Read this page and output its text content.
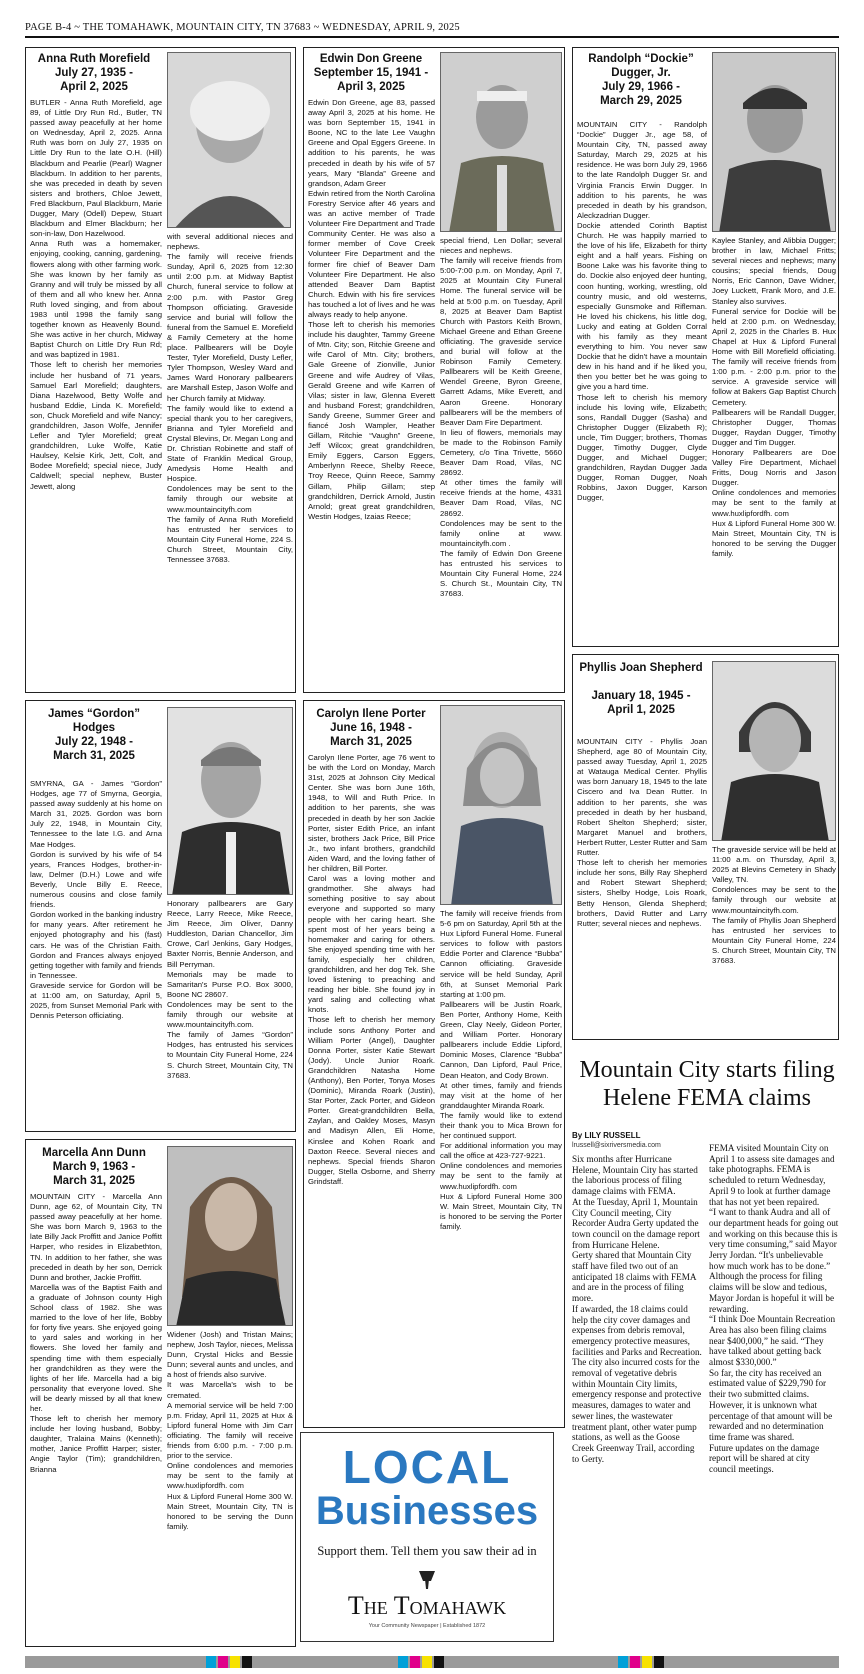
PAGE B-4 ~ THE TOMAHAWK, MOUNTAIN CITY, TN 37683 ~ WEDNESDAY, APRIL 9, 2025
Anna Ruth Morefield
July 27, 1935 -
April 2, 2025
BUTLER - Anna Ruth Morefield, age 89, of Little Dry Run Rd., Butler, TN passed away peacefully at her home on Wednesday, April 2, 2025. Anna Ruth was born on July 27, 1935 on Little Dry Run to the late O.H. (Hill) Blackburn and Pearlie (Pearl) Wagner Blackburn. In addition to her parents, she was preceded in death by seven sisters and brothers, Chloe Jewett, Fred Blackburn, Paul Blackburn, Marie Dugger, Mary (Odell) Depew, Stuart Blackburn and Elmer Blackburn; her son-in-law, Don Hazelwood.
Anna Ruth was a homemaker, enjoying, cooking, canning, gardening, flowers along with other farming work. She was known by her family as Granny and will truly be missed by all of them and all who knew her. Anna Ruth loved singing, and from about 1983 until 1998 the family sang together known as Heavenly Bound. She was active in her church, Midway Baptist Church on Little Dry Run Rd; and was baptized in 1981.
Those left to cherish her memories include her husband of 71 years, Samuel Earl Morefield; daughters, Diana Hazelwood, Betty Wolfe and husband Eddie, Linda K. Morefield; son, Chuck Morefield and wife Nancy; grandchildren, Jason Wolfe, Jennifer Lefler and Tyler Morefield; great grandchildren, Luke Wolfe, Katie Haulsey, Kelsie Kirk, Jett, Colt, and Bodee Morefield; special niece, Judy Caldwell; special nephew, Buster Jewett, along
with several additional nieces and nephews.
The family will receive friends Sunday, April 6, 2025 from 12:30 until 2:00 p.m. at Midway Baptist Church, funeral service to follow at 2:00 p.m. with Pastor Greg Thompson officiating. Graveside service and burial will follow the funeral from the Samuel E. Morefield & Family Cemetery at the home place. Pallbearers will be Doyle Tester, Tyler Morefield, Dusty Lefler, Tyler Thompson, Wesley Ward and James Ward Honorary pallbearers are Marshall Estep, Jason Wolfe and her Church family at Midway.
The family would like to extend a special thank you to her caregivers, Brianna and Tyler Morefield and Crystal Blevins, Dr. Megan Long and Dr. Christian Robinette and staff of State of Franklin Medical Group, Amedysis Home Health and Hospice.
Condolences may be sent to the family through our website at www.mountaincityfh.com
The family of Anna Ruth Morefield has entrusted her services to Mountain City Funeral Home, 224 S. Church Street, Mountain City, Tennessee 37683.
Edwin Don Greene
September 15, 1941 -
April 3, 2025
Edwin Don Greene, age 83, passed away April 3, 2025 at his home. He was born September 15, 1941 in Boone, NC to the late Lee Vaughn Greene and Opal Eggers Greene. In addition to his parents, he was preceded in death by his wife of 57 years, Mary “Blanda” Greene and grandson, Adam Greer
Edwin retired from the North Carolina Forestry Service after 46 years and was an active member of Trade Volunteer Fire Department and Trade Community Center. He was also a former member of Cove Creek Volunteer Fire Department and the former fire chief of Beaver Dam Volunteer Fire Department. He also attended Beaver Dam Baptist Church. Edwin with his fire services has touched a lot of lives and he was always ready to help anyone.
Those left to cherish his memories include his daughter, Tammy Greene of Mtn. City; son, Ritchie Greene and wife Carol of Mtn. City; brothers, Gale Greene of Zionville, Junior Greene and wife Audrey of Vilas, Gerald Greene and wife Karren of Vilas; sister in law, Glenna Everett and husband Forest; grandchildren, Sandy Greene, Summer Greer and fiancé Josh Wampler, Heather Gillam, Ritchie “Vaughn” Greene, Jeff Wilcox; great grandchildren, Emily Eggers, Carson Eggers, Amberlynn Reece, Shelby Reece, Troy Reece, Quinn Reece, Sammy Gillam, Philip Gillam; step grandchildren, Derrick Arnold, Justin Arnold; great great grandchildren, Westin Hodges, Izaias Reece;
special friend, Len Dollar; several nieces and nephews.
The family will receive friends from 5:00-7:00 p.m. on Monday, April 7, 2025 at Mountain City Funeral Home. The funeral service will be held at 5:00 p.m. on Tuesday, April 8, 2025 at Beaver Dam Baptist Church with Pastors Keith Brown, Michael Greene and Ethan Greene officiating. The graveside service and burial will follow at the Robinson Family Cemetery. Pallbearers will be Keith Greene, Wendel Greene, Byron Greene, Garrett Adams, Mike Everett, and Aaron Greene. Honorary pallbearers will be the members of Beaver Dam Fire Department.
In lieu of flowers, memorials may be made to the Robinson Family Cemetery, c/o Tina Trivette, 5660 Beaver Dam Road, Vilas, NC 28692.
At other times the family will receive friends at the home, 4331 Beaver Dam Road, Vilas, NC 28692.
Condolences may be sent to the family online at www. mountaincityfh.com .
The family of Edwin Don Greene has entrusted his services to Mountain City Funeral Home, 224 S. Church St., Mountain City, TN 37683.
Randolph “Dockie” Dugger, Jr.
July 29, 1966 -
March 29, 2025
MOUNTAIN CITY - Randolph “Dockie” Dugger Jr., age 58, of Mountain City, TN, passed away Saturday, March 29, 2025 at his residence. He was born July 29, 1966 to the late Randolph Dugger Sr. and Virginia Francis Erwin Dugger. In addition to his parents, he was preceded in death by his grandson, Aleckzadrian Dugger.
Dockie attended Corinth Baptist Church. He was happily married to the love of his life, Elizabeth for thirty eight and a half years. Fishing on Boone Lake was his favorite thing to do. Dockie also enjoyed deer hunting, coon hunting, working, wrestling, old country music, and old westerns, especially Gunsmoke and Rifleman. He loved his chickens, his little dog, Lucky and eating at Golden Corral with his family as they meant everything to him. You never saw Dockie that he didn't have a mountain dew in his hand and if he liked you, then you better bet he was going to give you a hard time.
Those left to cherish his memory include his loving wife, Elizabeth; sons, Randall Dugger (Sasha) and Christopher Dugger (Elizabeth R); uncle, Tim Dugger; brothers, Thomas Dugger, Timothy Dugger, Clyde Dugger, and Michael Dugger; grandchildren, Raydan Dugger Jada Dugger, Roman Dugger, Noah Robbins, Jaxon Dugger, Karson Dugger,
Kaylee Stanley, and Alibbia Dugger; brother in law, Michael Fritts; several nieces and nephews; many cousins; special friends, Doug Norris, Eric Cannon, Dave Widner, Joey Luckett, Frank Moro, and J.E. Stanley also survives.
Funeral service for Dockie will be held at 2:00 p.m. on Wednesday, April 2, 2025 in the Charles B. Hux Chapel at Hux & Lipford Funeral Home with Bill Morefield officiating. The family will receive friends from 1:00 p.m. - 2:00 p.m. prior to the service. A graveside service will follow at Bakers Gap Baptist Church Cemetery.
Pallbearers will be Randall Dugger, Christopher Dugger, Thomas Dugger, Raydan Dugger, Timothy Dugger and Tim Dugger.
Honorary Pallbearers are Doe Valley Fire Department, Michael Fritts, Doug Norris and Jason Dugger.
Online condolences and memories may be sent to the family at www.huxlipfordfh. com
Hux & Lipford Funeral Home 300 W. Main Street, Mountain City, TN is honored to be serving the Dugger family.
James “Gordon” Hodges
July 22, 1948 -
March 31, 2025
SMYRNA, GA - James “Gordon” Hodges, age 77 of Smyrna, Georgia, passed away suddenly at his home on March 31, 2025. Gordon was born July 22, 1948, in Mountain City, Tennessee to the late I.G. and Arna Mae Hodges.
Gordon is survived by his wife of 54 years, Frances Hodges, brother-in-law, Delmer (D.H.) Lowe and wife Beverly, Uncle Billy E. Reece, numerous cousins and close family friends.
Gordon worked in the banking industry for many years. After retirement he enjoyed photography and his (fast) cars. He was of the Christian Faith. Gordon and Frances always enjoyed getting together with family and friends in Tennessee.
Graveside service for Gordon will be at 11:00 am, on Saturday, April 5, 2025, from Sunset Memorial Park with Dennis Peterson officiating.
Honorary pallbearers are Gary Reece, Larry Reece, Mike Reece, Jim Reece, Jim Oliver, Danny Huddleston, Darian Chancellor, Jim Crowe, Carl Jenkins, Gary Hodges, Baxter Norris, Bennie Anderson, and Bill Perryman.
Memorials may be made to Samaritan's Purse P.O. Box 3000, Boone NC 28607.
Condolences may be sent to the family through our website at www.mountaincityfh.com.
The family of James “Gordon” Hodges, has entrusted his services to Mountain City Funeral Home, 224 S. Church Street, Mountain City, TN 37683.
Carolyn Ilene Porter
June 16, 1948 -
March 31, 2025
Carolyn Ilene Porter, age 76 went to be with the Lord on Monday, March 31st, 2025 at Johnson City Medical Center. She was born June 16th, 1948, to Will and Ruth Price. In addition to her parents, she was preceded in death by her son Jackie Porter, sister Edith Price, an infant sister, brothers Jack Price, Bill Price Jr., two infant brothers, grandchild Aiden Ward, and the loving father of her children, Bill Porter.
Carol was a loving mother and grandmother. She always had something positive to say about everyone and supported so many people with her caring heart. She spent most of her years being a homemaker and caring for others. She enjoyed spending time with her family, especially her children, grandchildren, and her dog Tek. She loved listening to preaching and reading her bible. She found joy in yard saling and collecting what knots.
Those left to cherish her memory include sons Anthony Porter and William Porter (Angel), Daughter Donna Porter, sister Katie Stewart (Jody). Uncle Junior Roark. Grandchildren Natasha Home (Anthony), Ben Porter, Tonya Moses (Dominic), Miranda Roark (Justin), Star Porter, Zack Porter, and Gideon Porter. Great-grandchildren Bella, Zaylan, and Oakley Moses, Masyn and Madisyn Allen, Eli Home, Kinslee and Kohen Roark and Daxton Reece. Several nieces and nephews. Special friends Sharon Dugger, Stella Osborne, and Sherry Grindstaff.
The family will receive friends from 5-6 pm on Saturday, April 5th at the Hux Lipford Funeral Home. Funeral services to follow with pastors Eddie Porter and Clarence “Bubba” Cannon officiating. Graveside service will be held Sunday, April 6th, at Sunset Memorial Park starting at 1:00 pm.
Pallbearers will be Justin Roark, Ben Porter, Anthony Home, Keith Green, Clay Neely, Gideon Porter, and William Porter. Honorary pallbearers include Eddie Lipford, Dominic Moses, Clarence “Bubba” Cannon, Dan Lipford, Paul Price, Dean Heaton, and Cody Brown.
At other times, family and friends may visit at the home of her granddaughter Miranda Roark.
The family would like to extend their thank you to Mica Brown for her continued support.
For additional information you may call the office at 423-727-9221.
Online condolences and memories may be sent to the family at www.huxlipfordfh. com
Hux & Lipford Funeral Home 300 W. Main Street, Mountain City, TN is honored to be serving the Porter family.
Phyllis Joan Shepherd
January 18, 1945 -
April 1, 2025
MOUNTAIN CITY - Phyllis Joan Shepherd, age 80 of Mountain City, passed away Tuesday, April 1, 2025 at Watauga Medical Center. Phyllis was born January 18, 1945 to the late Ciscero and Iva Dean Rutter. In addition to her parents, she was preceded in death by her husband, Robert Shelton Shepherd; sister, Margaret Manuel and brothers, Herbert Rutter, Lester Rutter and Sam Rutter.
Those left to cherish her memories include her sons, Billy Ray Shepherd and Robert Stewart Shepherd; sisters, Shelby Hodge, Lois Roark, Betty Henson, Glenda Shepherd; brothers, David Rutter and Larry Rutter; several nieces and nephews.
The graveside service will be held at 11:00 a.m. on Thursday, April 3, 2025 at Blevins Cemetery in Shady Valley, TN.
Condolences may be sent to the family through our website at www.mountaincityfh.com.
The family of Phyllis Joan Shepherd has entrusted her services to Mountain City Funeral Home, 224 S. Church Street, Mountain City, TN 37683.
Marcella Ann Dunn
March 9, 1963 -
March 31, 2025
MOUNTAIN CITY - Marcella Ann Dunn, age 62, of Mountain City, TN passed away peacefully at her home. She was born March 9, 1963 to the late Billy Jack Proffitt and Janice Poffitt Harper, who resides in Elizabethton, TN. In addition to her father, she was preceded in death by her son, Derrick Dunn and brother, Jackie Proffitt.
Marcella was of the Baptist Faith and a graduate of Johnson county High School class of 1982. She was married to the love of her life, Bobby for forty five years. She enjoyed going to yard sales and working in her flowers. She loved her family and spending time with them especially her grandchildren as they were the lights of her life. Marcella had a big personality that everyone loved. She will be dearly missed by all that knew her.
Those left to cherish her memory include her loving husband, Bobby; daughter, Tralaina Mains (Kenneth); mother, Janice Proffitt Harper; sister, Angie Taylor (Tim); grandchildren, Brianna
Widener (Josh) and Tristan Mains; nephew, Josh Taylor, nieces, Melissa Dunn, Crystal Hicks and Bessie Dunn; several aunts and uncles, and a host of friends also survive.
It was Marcella's wish to be cremated.
A memorial service will be held 7:00 p.m. Friday, April 11, 2025 at Hux & Lipford funeral Home with Jim Carr officiating. The family will receive friends from 6:00 p.m. - 7:00 p.m. prior to the service.
Online condolences and memories may be sent to the family at www.huxlipfordfh. com
Hux & Lipford Funeral Home 300 W. Main Street, Mountain City, TN is honored to be serving the Dunn family.
Mountain City starts filing Helene FEMA claims
By LILY RUSSELL
lrussell@sixriversmedia.com
Six months after Hurricane Helene, Mountain City has started the laborious process of filing damage claims with FEMA.
At the Tuesday, April 1, Mountain City Council meeting, City Recorder Audra Gerty updated the town council on the damage report from Hurricane Helene.
Gerty shared that Mountain City staff have filed two out of an anticipated 18 claims with FEMA and are in the process of filing more.
If awarded, the 18 claims could help the city cover damages and expenses from debris removal, emergency protective measures, facilities and Parks and Recreation.
The city also incurred costs for the removal of vegetative debris within Mountain City limits, emergency response and protective measures, damages to water and sewer lines, the wastewater treatment plant, other water pump stations, as well as the Goose Creek Greenway Trail, according to Gerty.
FEMA visited Mountain City on April 1 to assess site damages and take photographs. FEMA is scheduled to return Wednesday, April 9 to look at further damage that has not yet been repaired.
“I want to thank Audra and all of our department heads for going out and working on this because this is very time consuming,” said Mayor Jerry Jordan. “It's unbelievable how much work has to be done.”
Although the process for filing claims will be slow and tedious, Mayor Jordan is hopeful it will be rewarding.
“I think Doe Mountain Recreation Area has also been filing claims near $400,000,” he said. “They have talked about getting back almost $330,000.”
So far, the city has received an estimated value of $229,790 for their two submitted claims. However, it is unknown what percentage of that amount will be rewarded and no determination time frame was shared.
Future updates on the damage report will be shared at city council meetings.
LOCAL
Businesses
Support them. Tell them you saw their ad in
The Tomahawk
Your Community Newspaper | Established 1872
